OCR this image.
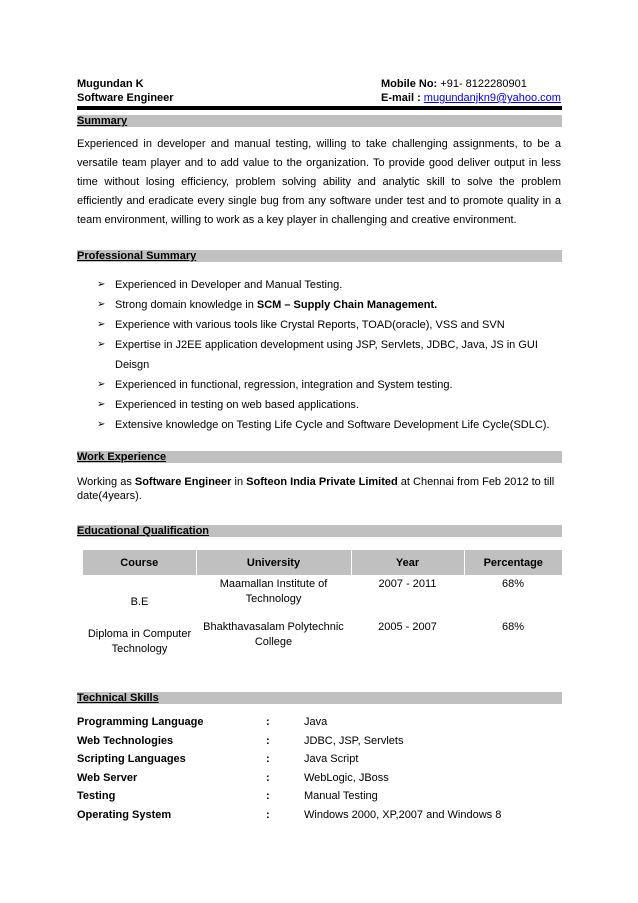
Mugundan K
Software Engineer
Mobile No: +91- 8122280901
E-mail : mugundanjkn9@yahoo.com
Summary
Experienced in developer and manual testing, willing to take challenging assignments, to be a versatile team player and to add value to the organization. To provide good deliver output in less time without losing efficiency, problem solving ability and analytic skill to solve the problem efficiently and eradicate every single bug from any software under test and to promote quality in a team environment, willing to work as a key player in challenging and creative environment.
Professional Summary
➢ Experienced in Developer and Manual Testing.
➢ Strong domain knowledge in SCM – Supply Chain Management.
➢ Experience with various tools like Crystal Reports, TOAD(oracle), VSS and SVN
➢ Expertise in J2EE application development using JSP, Servlets, JDBC, Java, JS in GUI Deisgn
➢ Experienced in functional, regression, integration and System testing.
➢ Experienced in testing on web based applications.
➢ Extensive knowledge on Testing Life Cycle and Software Development Life Cycle(SDLC).
Work Experience
Working as Software Engineer in Softeon India Private Limited at Chennai from Feb 2012 to till date(4years).
Educational Qualification
Course	University	Year	Percentage
B.E	Maamallan Institute of Technology	2007 - 2011	68%
Diploma in Computer Technology	Bhakthavasalam Polytechnic College	2005 - 2007	68%
Technical Skills
Programming Language	:	Java
Web Technologies	:	JDBC, JSP, Servlets
Scripting Languages	:	Java Script
Web Server	:	WebLogic, JBoss
Testing	:	Manual Testing
Operating System	:	Windows 2000, XP,2007 and Windows 8
